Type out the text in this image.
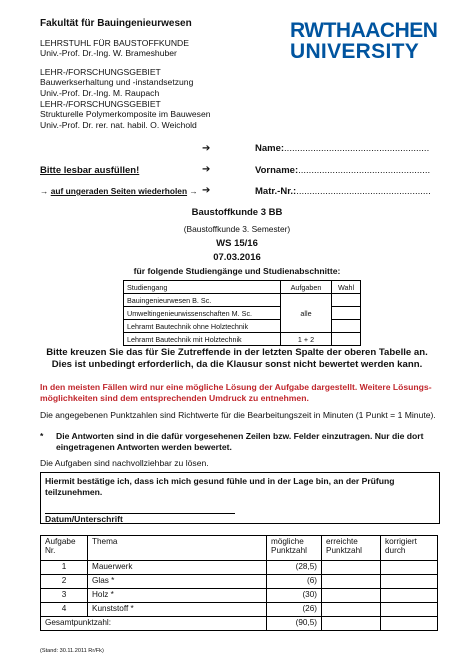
Fakultät für Bauingenieurwesen
LEHRSTUHL FÜR BAUSTOFFKUNDE
Univ.-Prof. Dr.-Ing. W. Brameshuber
LEHR-/FORSCHUNGSGEBIET
Bauwerkserhaltung und -instandsetzung
Univ.-Prof. Dr.-Ing. M. Raupach
LEHR-/FORSCHUNGSGEBIET
Strukturelle Polymerkomposite im Bauwesen
Univ.-Prof. Dr. rer. nat. habil. O. Weichold
RWTHAACHEN
UNIVERSITY
➔	Name:.......................................................
Bitte lesbar ausfüllen!	➔	Vorname:..................................................
→ auf ungeraden Seiten wiederholen → ➔	Matr.-Nr.:...................................................
Baustoffkunde 3 BB
(Baustoffkunde 3. Semester)
WS 15/16
07.03.2016
für folgende Studiengänge und Studienabschnitte:
Studiengang	Aufgaben	Wahl
Bauingenieurwesen B. Sc.	alle	
Umweltingenieurwissenschaften M. Sc.		
Lehramt Bautechnik ohne Holztechnik		
Lehramt Bautechnik mit Holztechnik	1 + 2	
Bitte kreuzen Sie das für Sie Zutreffende in der letzten Spalte der oberen Tabelle an.
Dies ist unbedingt erforderlich, da die Klausur sonst nicht bewertet werden kann.
In den meisten Fällen wird nur eine mögliche Lösung der Aufgabe dargestellt. Weitere Lösungs-
möglichkeiten sind dem entsprechenden Umdruck zu entnehmen.
Die angegebenen Punktzahlen sind Richtwerte für die Bearbeitungszeit in Minuten (1 Punkt = 1 Minute).
* Die Antworten sind in die dafür vorgesehenen Zeilen bzw. Felder einzutragen. Nur die dort
eingetragenen Antworten werden bewertet.
Die Aufgaben sind nachvollziehbar zu lösen.
Hiermit bestätige ich, dass ich mich gesund fühle und in der Lage bin, an der Prüfung
teilzunehmen.
Datum/Unterschrift
Aufgabe Nr.	Thema	mögliche Punktzahl	erreichte Punktzahl	korrigiert durch
1	Mauerwerk	(28,5)		
2	Glas *	(6)		
3	Holz *	(30)		
4	Kunststoff *	(26)		
Gesamtpunktzahl:		(90,5)		
(Stand: 30.11.2011 Rr/Fk)
